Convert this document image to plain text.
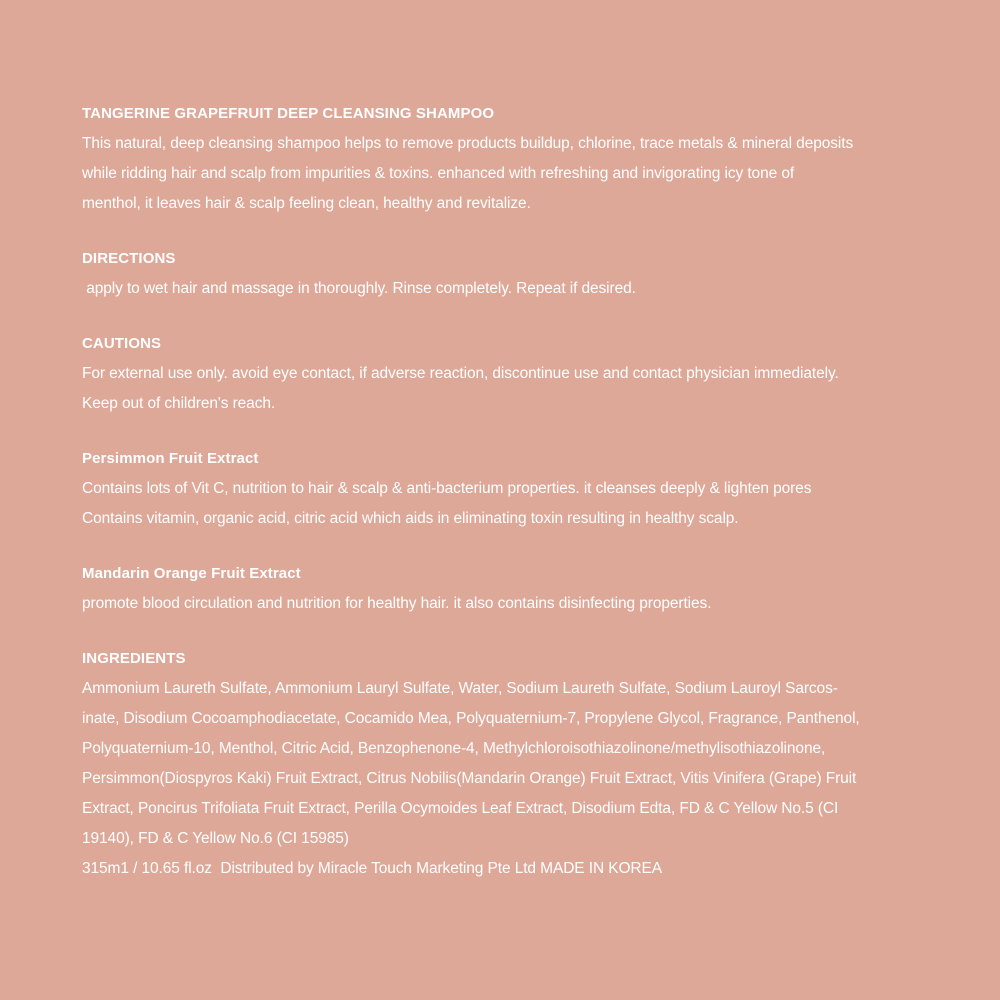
TANGERINE GRAPEFRUIT DEEP CLEANSING SHAMPOO

This natural, deep cleansing shampoo helps to remove products buildup, chlorine, trace metals & mineral deposits

while ridding hair and scalp from impurities & toxins. enhanced with refreshing and invigorating icy tone of

menthol, it leaves hair & scalp feeling clean, healthy and revitalize.

DIRECTIONS

apply to wet hair and massage in thoroughly. Rinse completely. Repeat if desired.

CAUTIONS

For external use only. avoid eye contact, if adverse reaction, discontinue use and contact physician immediately.

Keep out of children's reach.

Persimmon Fruit Extract

Contains lots of Vit C, nutrition to hair & scalp & anti-bacterium properties. it cleanses deeply & lighten pores

Contains vitamin, organic acid, citric acid which aids in eliminating toxin resulting in healthy scalp.

Mandarin Orange Fruit Extract

promote blood circulation and nutrition for healthy hair. it also contains disinfecting properties.

INGREDIENTS

Ammonium Laureth Sulfate, Ammonium Lauryl Sulfate, Water, Sodium Laureth Sulfate, Sodium Lauroyl Sarcos-

inate, Disodium Cocoamphodiacetate, Cocamido Mea, Polyquaternium-7, Propylene Glycol, Fragrance, Panthenol,

Polyquaternium-10, Menthol, Citric Acid, Benzophenone-4, Methylchloroisothiazolinone/methylisothiazolinone,

Persimmon(Diospyros Kaki) Fruit Extract, Citrus Nobilis(Mandarin Orange) Fruit Extract, Vitis Vinifera (Grape) Fruit

Extract, Poncirus Trifoliata Fruit Extract, Perilla Ocymoides Leaf Extract, Disodium Edta, FD & C Yellow No.5 (CI

19140), FD & C Yellow No.6 (CI 15985)

315m1 / 10.65 fl.oz  Distributed by Miracle Touch Marketing Pte Ltd MADE IN KOREA
